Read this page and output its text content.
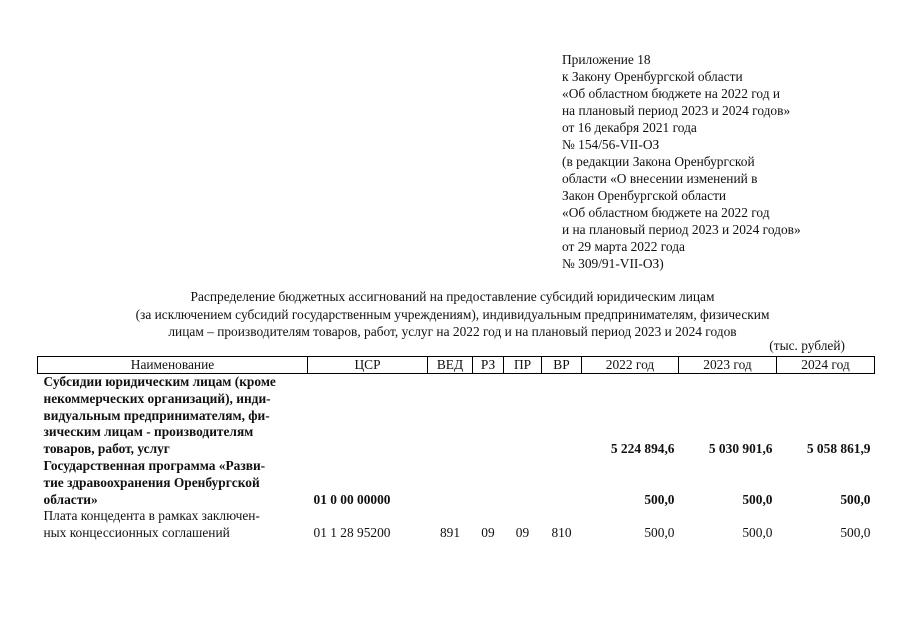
Приложение 18
к Закону Оренбургской области
«Об областном бюджете на 2022 год и
на плановый период 2023 и 2024 годов»
от 16 декабря 2021 года
№ 154/56-VII-ОЗ
(в редакции Закона Оренбургской
области «О внесении изменений в
Закон Оренбургской области
«Об областном бюджете на 2022 год
и на плановый период 2023 и 2024 годов»
от 29 марта 2022 года
№ 309/91-VII-ОЗ)
Распределение бюджетных ассигнований на предоставление субсидий юридическим лицам
(за исключением субсидий государственным учреждениям), индивидуальным предпринимателям, физическим
лицам – производителям товаров, работ, услуг на 2022 год и на плановый период 2023 и 2024 годов
(тыс. рублей)
Наименование	ЦСР	ВЕД	РЗ	ПР	ВР	2022 год	2023 год	2024 год

Субсидии юридическим лицам (кроме
некоммерческих организаций), инди-
видуальным предпринимателям, фи-
зическим лицам - производителям
товаров, работ, услуг						5 224 894,6	5 030 901,6	5 058 861,9

Государственная программа «Разви-
тие здравоохранения Оренбургской
области»	01 0 00 00000					500,0	500,0	500,0

Плата концедента в рамках заключен-
ных концессионных соглашений	01 1 28 95200	891	09	09	810	500,0	500,0	500,0
